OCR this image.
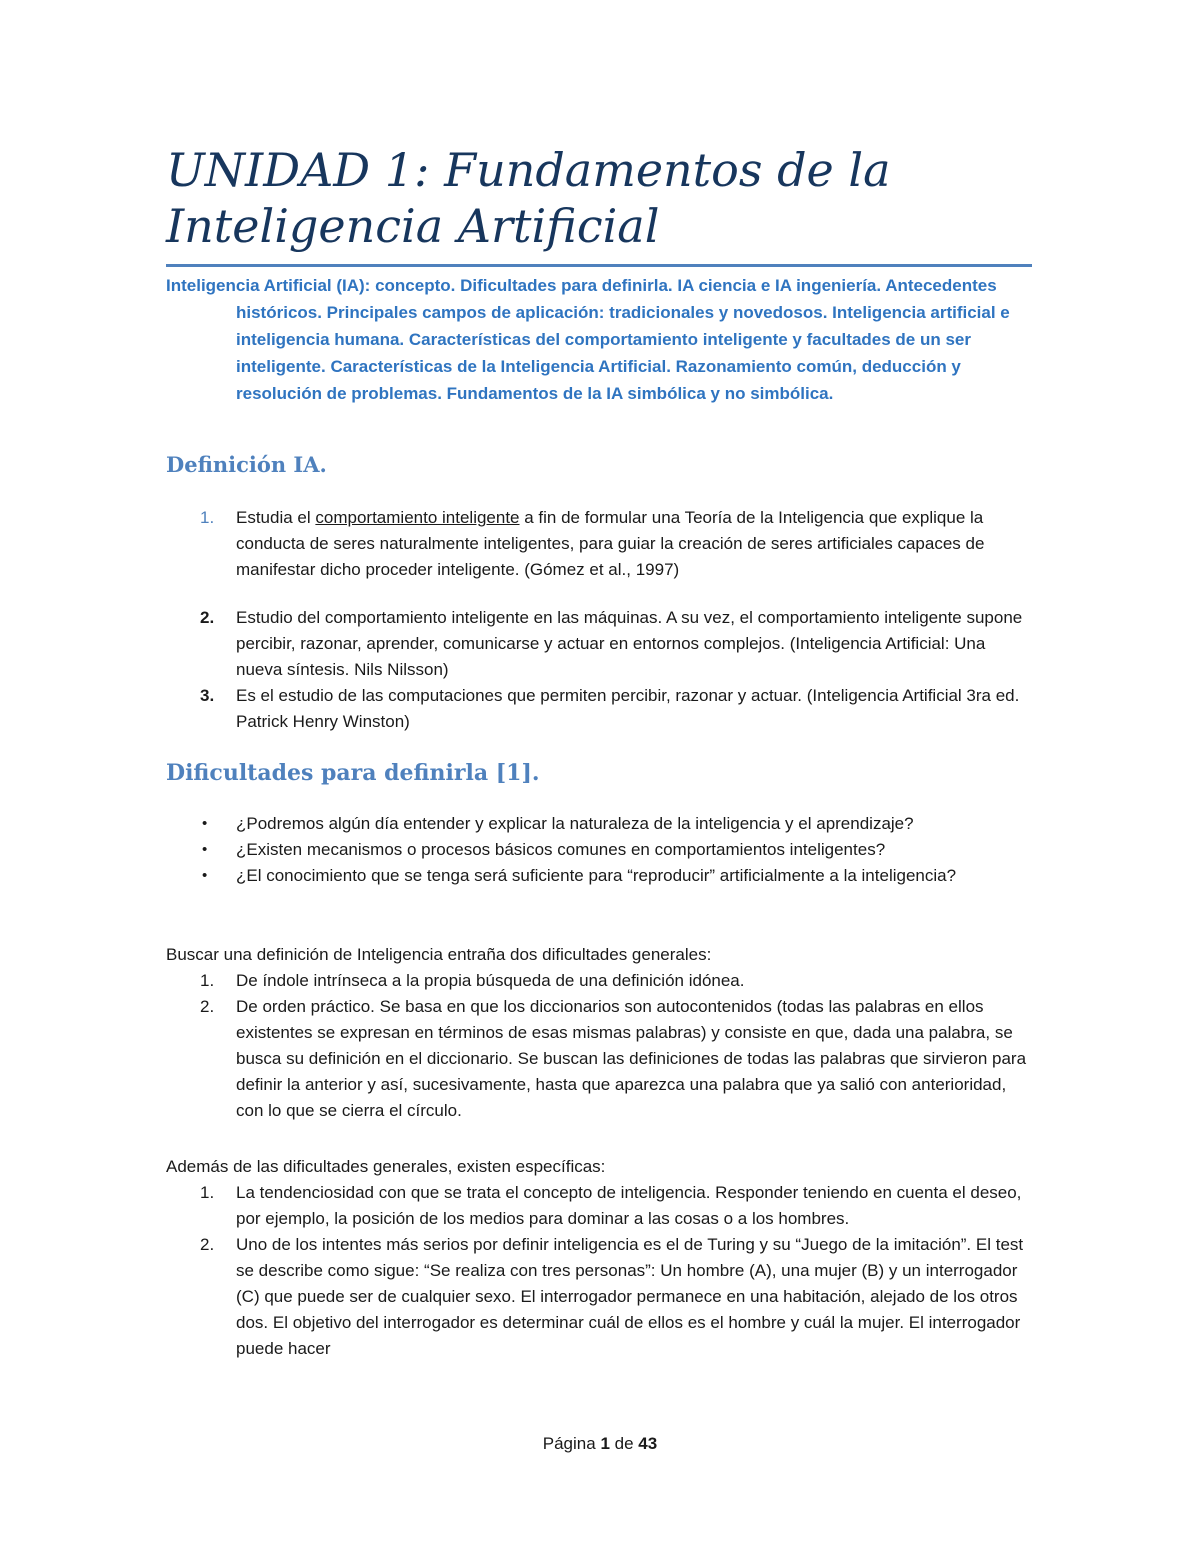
UNIDAD 1: Fundamentos de la
Inteligencia Artificial

Inteligencia Artificial (IA): concepto. Dificultades para definirla. IA ciencia e IA ingeniería. Antecedentes históricos. Principales campos de aplicación: tradicionales y novedosos. Inteligencia artificial e inteligencia humana. Características del comportamiento inteligente y facultades de un ser inteligente. Características de la Inteligencia Artificial. Razonamiento común, deducción y resolución de problemas. Fundamentos de la IA simbólica y no simbólica.

Definición IA.
1. Estudia el comportamiento inteligente a fin de formular una Teoría de la Inteligencia que explique la conducta de seres naturalmente inteligentes, para guiar la creación de seres artificiales capaces de manifestar dicho proceder inteligente. (Gómez et al., 1997)
2. Estudio del comportamiento inteligente en las máquinas. A su vez, el comportamiento inteligente supone percibir, razonar, aprender, comunicarse y actuar en entornos complejos. (Inteligencia Artificial: Una nueva síntesis. Nils Nilsson)
3. Es el estudio de las computaciones que permiten percibir, razonar y actuar. (Inteligencia Artificial 3ra ed. Patrick Henry Winston)
Dificultades para definirla [1].
• ¿Podremos algún día entender y explicar la naturaleza de la inteligencia y el aprendizaje?
• ¿Existen mecanismos o procesos básicos comunes en comportamientos inteligentes?
• ¿El conocimiento que se tenga será suficiente para “reproducir” artificialmente a la inteligencia?

Buscar una definición de Inteligencia entraña dos dificultades generales:

1. De índole intrínseca a la propia búsqueda de una definición idónea.
2. De orden práctico. Se basa en que los diccionarios son autocontenidos (todas las palabras en ellos existentes se expresan en términos de esas mismas palabras) y consiste en que, dada una palabra, se busca su definición en el diccionario. Se buscan las definiciones de todas las palabras que sirvieron para definir la anterior y así, sucesivamente, hasta que aparezca una palabra que ya salió con anterioridad, con lo que se cierra el círculo.

Además de las dificultades generales, existen específicas:

1. La tendenciosidad con que se trata el concepto de inteligencia. Responder teniendo en cuenta el deseo, por ejemplo, la posición de los medios para dominar a las cosas o a los hombres.
2. Uno de los intentes más serios por definir inteligencia es el de Turing y su “Juego de la imitación”. El test se describe como sigue: “Se realiza con tres personas”: Un hombre (A), una mujer (B) y un interrogador (C) que puede ser de cualquier sexo. El interrogador permanece en una habitación, alejado de los otros dos. El objetivo del interrogador es determinar cuál de ellos es el hombre y cuál la mujer. El interrogador puede hacer
Página 1 de 43
